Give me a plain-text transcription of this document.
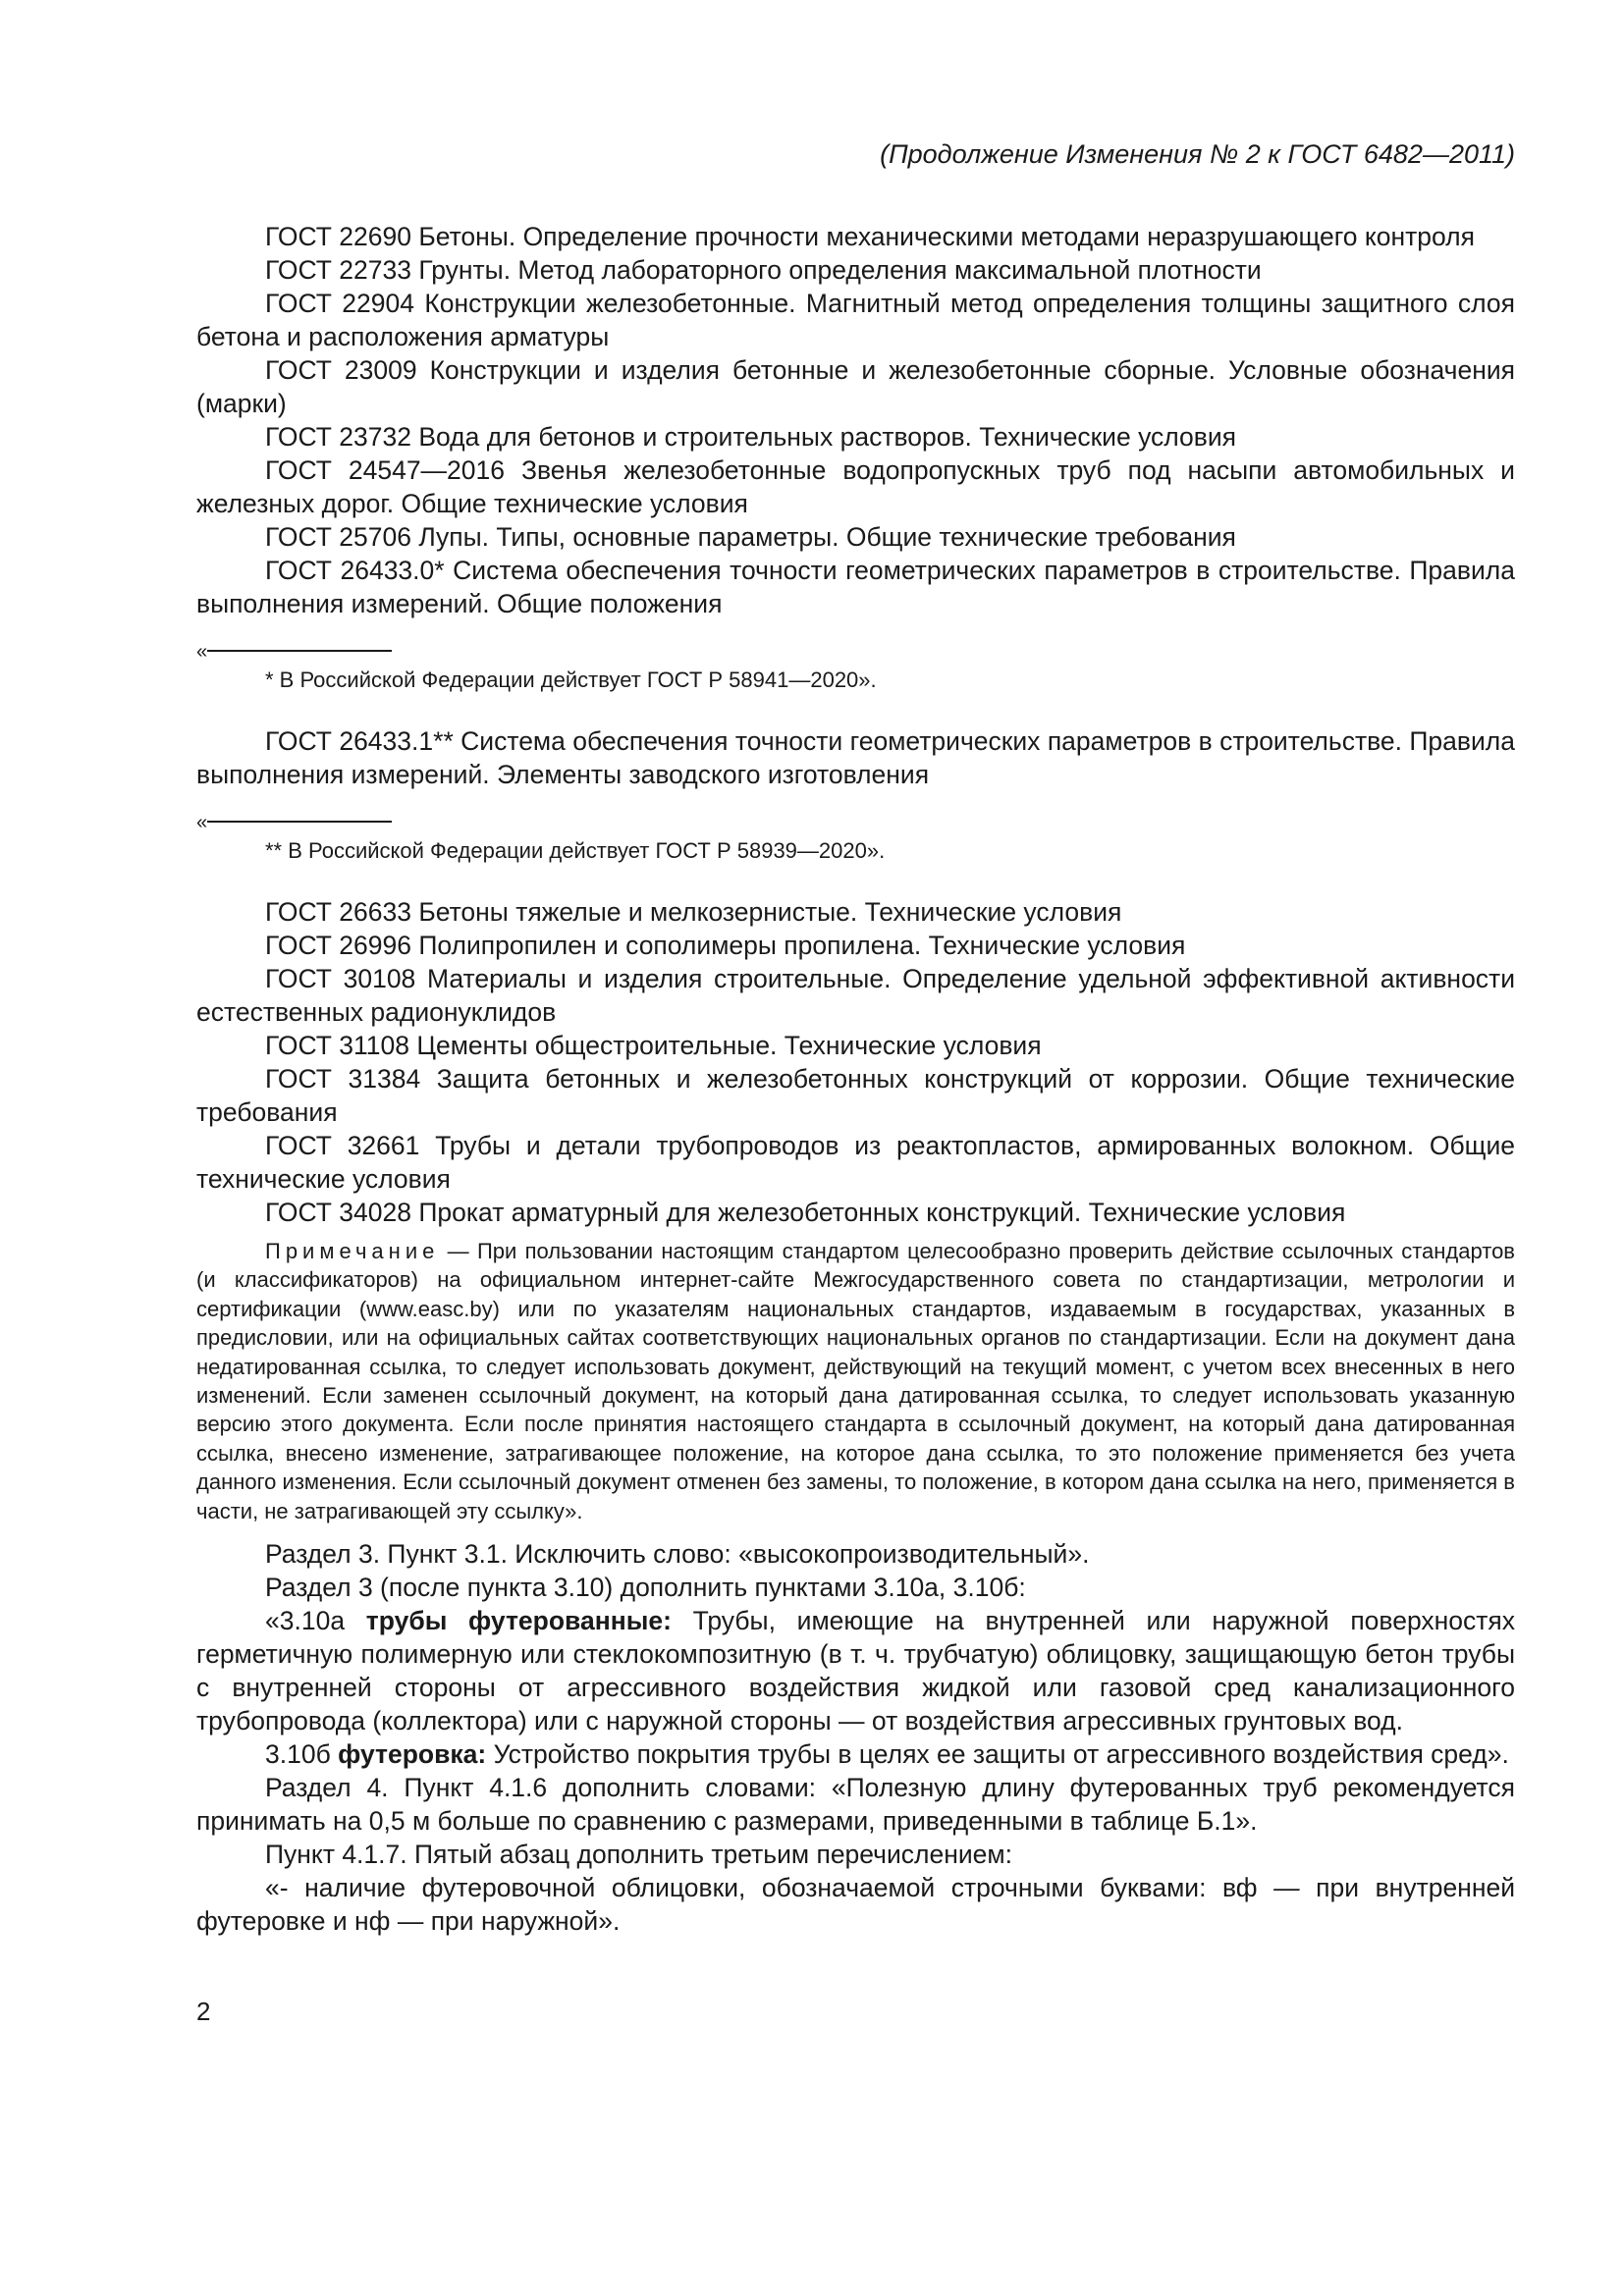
(Продолжение Изменения № 2 к ГОСТ 6482—2011)

ГОСТ 22690 Бетоны. Определение прочности механическими методами неразрушающего контроля

ГОСТ 22733 Грунты. Метод лабораторного определения максимальной плотности

ГОСТ 22904 Конструкции железобетонные. Магнитный метод определения толщины защитного слоя бетона и расположения арматуры

ГОСТ 23009 Конструкции и изделия бетонные и железобетонные сборные. Условные обозначения (марки)

ГОСТ 23732 Вода для бетонов и строительных растворов. Технические условия

ГОСТ 24547—2016 Звенья железобетонные водопропускных труб под насыпи автомобильных и железных дорог. Общие технические условия

ГОСТ 25706 Лупы. Типы, основные параметры. Общие технические требования

ГОСТ 26433.0* Система обеспечения точности геометрических параметров в строительстве. Правила выполнения измерений. Общие положения

«

* В Российской Федерации действует ГОСТ Р 58941—2020».

ГОСТ 26433.1** Система обеспечения точности геометрических параметров в строительстве. Правила выполнения измерений. Элементы заводского изготовления

«

** В Российской Федерации действует ГОСТ Р 58939—2020».

ГОСТ 26633 Бетоны тяжелые и мелкозернистые. Технические условия

ГОСТ 26996 Полипропилен и сополимеры пропилена. Технические условия

ГОСТ 30108 Материалы и изделия строительные. Определение удельной эффективной активности естественных радионуклидов

ГОСТ 31108 Цементы общестроительные. Технические условия

ГОСТ 31384 Защита бетонных и железобетонных конструкций от коррозии. Общие технические требования

ГОСТ 32661 Трубы и детали трубопроводов из реактопластов, армированных волокном. Общие технические условия

ГОСТ 34028 Прокат арматурный для железобетонных конструкций. Технические условия

Примечание — При пользовании настоящим стандартом целесообразно проверить действие ссылочных стандартов (и классификаторов) на официальном интернет-сайте Межгосударственного совета по стандартизации, метрологии и сертификации (www.easc.by) или по указателям национальных стандартов, издаваемым в государствах, указанных в предисловии, или на официальных сайтах соответствующих национальных органов по стандартизации. Если на документ дана недатированная ссылка, то следует использовать документ, действующий на текущий момент, с учетом всех внесенных в него изменений. Если заменен ссылочный документ, на который дана датированная ссылка, то следует использовать указанную версию этого документа. Если после принятия настоящего стандарта в ссылочный документ, на который дана датированная ссылка, внесено изменение, затрагивающее положение, на которое дана ссылка, то это положение применяется без учета данного изменения. Если ссылочный документ отменен без замены, то положение, в котором дана ссылка на него, применяется в части, не затрагивающей эту ссылку».

Раздел 3. Пункт 3.1. Исключить слово: «высокопроизводительный».

Раздел 3 (после пункта 3.10) дополнить пунктами 3.10а, 3.10б:

«3.10а трубы футерованные: Трубы, имеющие на внутренней или наружной поверхностях герметичную полимерную или стеклокомпозитную (в т. ч. трубчатую) облицовку, защищающую бетон трубы с внутренней стороны от агрессивного воздействия жидкой или газовой сред канализационного трубопровода (коллектора) или с наружной стороны — от воздействия агрессивных грунтовых вод.

3.10б футеровка: Устройство покрытия трубы в целях ее защиты от агрессивного воздействия сред».

Раздел 4. Пункт 4.1.6 дополнить словами: «Полезную длину футерованных труб рекомендуется принимать на 0,5 м больше по сравнению с размерами, приведенными в таблице Б.1».

Пункт 4.1.7. Пятый абзац дополнить третьим перечислением:

«- наличие футеровочной облицовки, обозначаемой строчными буквами: вф — при внутренней футеровке и нф — при наружной».

2
